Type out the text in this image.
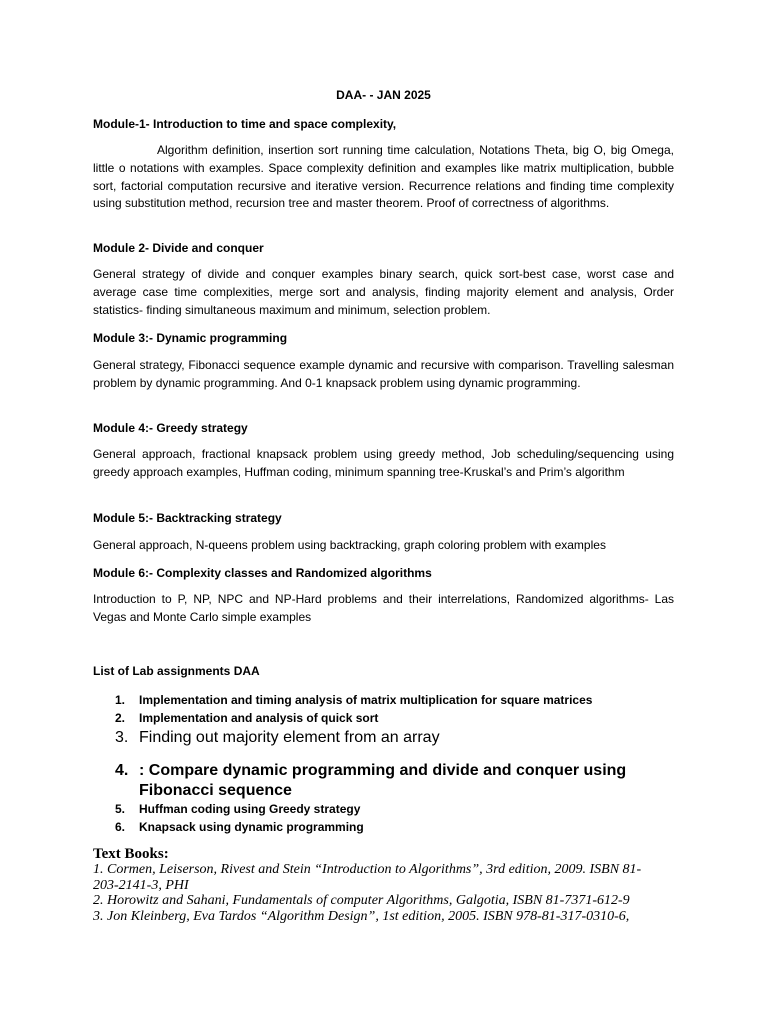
DAA- - JAN 2025
Module-1- Introduction to time and space complexity,

Algorithm definition, insertion sort running time calculation, Notations Theta, big O, big Omega, little o notations with examples. Space complexity definition and examples like matrix multiplication, bubble sort, factorial computation recursive and iterative version. Recurrence relations and finding time complexity using substitution method, recursion tree and master theorem. Proof of correctness of algorithms.

Module 2- Divide and conquer

General strategy of divide and conquer examples binary search, quick sort-best case, worst case and average case time complexities, merge sort and analysis, finding majority element and analysis, Order statistics- finding simultaneous maximum and minimum, selection problem.

Module 3:- Dynamic programming

General strategy, Fibonacci sequence example dynamic and recursive with comparison. Travelling salesman problem by dynamic programming. And 0-1 knapsack problem using dynamic programming.

Module 4:- Greedy strategy

General approach, fractional knapsack problem using greedy method, Job scheduling/sequencing using greedy approach examples, Huffman coding, minimum spanning tree-Kruskal’s and Prim’s algorithm

Module 5:- Backtracking strategy

General approach, N-queens problem using backtracking, graph coloring problem with examples

Module 6:- Complexity classes and Randomized algorithms

Introduction to P, NP, NPC and NP-Hard problems and their interrelations, Randomized algorithms- Las Vegas and Monte Carlo simple examples

List of Lab assignments DAA
1.	Implementation and timing analysis of matrix multiplication for square matrices
2.	Implementation and analysis of quick sort
3. Finding out majority element from an array
4. : Compare dynamic programming and divide and conquer using Fibonacci sequence
5.	Huffman coding using Greedy strategy
6.	Knapsack using dynamic programming
Text Books:

1. Cormen, Leiserson, Rivest and Stein “Introduction to Algorithms”, 3rd edition, 2009. ISBN 81-203-2141-3, PHI

2. Horowitz and Sahani, Fundamentals of computer Algorithms, Galgotia, ISBN 81-7371-612-9

3. Jon Kleinberg, Eva Tardos “Algorithm Design”, 1st edition, 2005. ISBN 978-81-317-0310-6,
